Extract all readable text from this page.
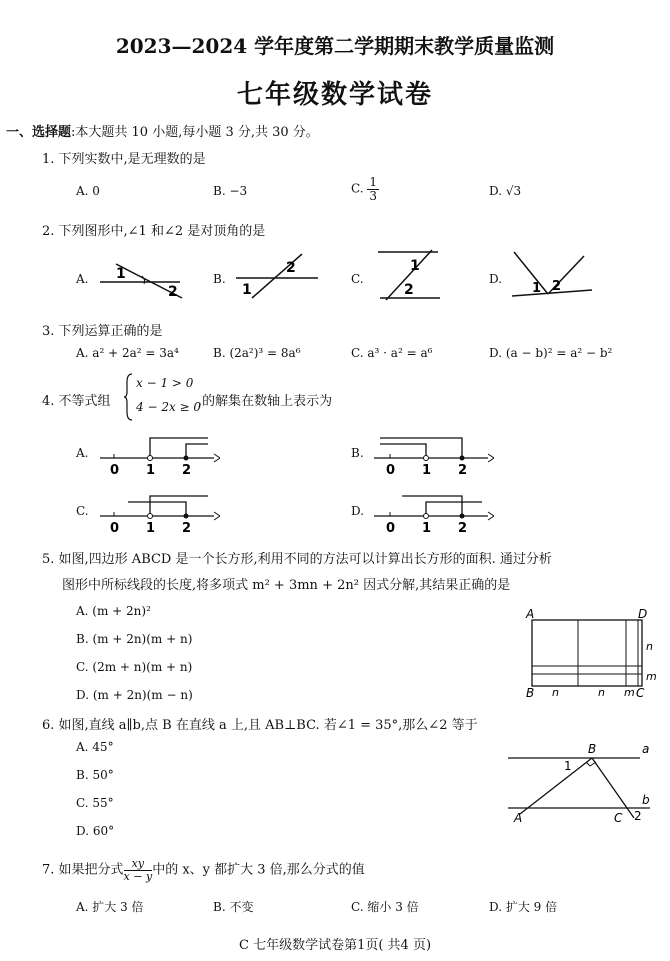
2023—2024 学年度第二学期期末教学质量监测
七年级数学试卷
一、选择题:本大题共 10 小题,每小题 3 分,共 30 分。
1. 下列实数中,是无理数的是
A. 0	B. −3	C. $\frac{1}{3}$	D. √3
2. 下列图形中,∠1 和∠2 是对顶角的是
A.	B.	C.	D.
1
2	1
2	1
2	1 2
3. 下列运算正确的是
A. a² + 2a² = 3a⁴	B. (2a²)³ = 8a⁶	C. a³ · a² = a⁶	D. (a − b)² = a² − b²
4. 不等式组
x − 1 > 0
4 − 2x ≥ 0
,的解集在数轴上表示为
A.	B.
C.	D.
0 1 2	0 1 2
0 1 2	0 1 2
5. 如图,四边形 ABCD 是一个长方形,利用不同的方法可以计算出长方形的面积. 通过分析
图形中所标线段的长度,将多项式 m² + 3mn + 2n² 因式分解,其结果正确的是
A. (m + 2n)²
B. (m + 2n)(m + n)
C. (2m + n)(m + n)
D. (m + 2n)(m − n)
A	D
B	C
n
m
n	n m
6. 如图,直线 a∥b,点 B 在直线 a 上,且 AB⊥BC. 若∠1 = 35°,那么∠2 等于
A. 45°
B. 50°
C. 55°
D. 60°
B	a
b
A	C
1
2
7. 如果把分式 $\frac{xy}{x - y}$ 中的 x、y 都扩大 3 倍,那么分式的值
A. 扩大 3 倍	B. 不变	C. 缩小 3 倍	D. 扩大 9 倍
C 七年级数学试卷第1页( 共4 页)
